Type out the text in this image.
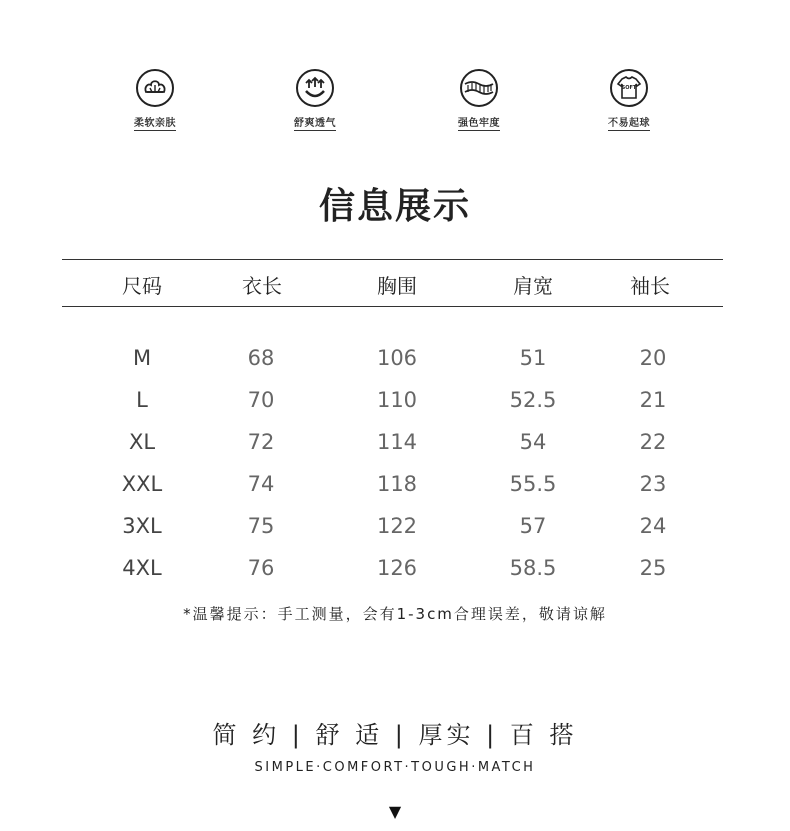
柔软亲肤	舒爽透气	强色牢度
SOFT
不易起球
信息展示
尺码	衣长	胸围	肩宽	袖长
M	68	106	51	20
L	70	110	52.5	21
XL	72	114	54	22
XXL	74	118	55.5	23
3XL	75	122	57	24
4XL	76	126	58.5	25
*温馨提示：手工测量，会有1-3cm合理误差，敬请谅解
简 约 | 舒 适 | 厚实 | 百 搭
SIMPLE·COMFORT·TOUGH·MATCH
▼
